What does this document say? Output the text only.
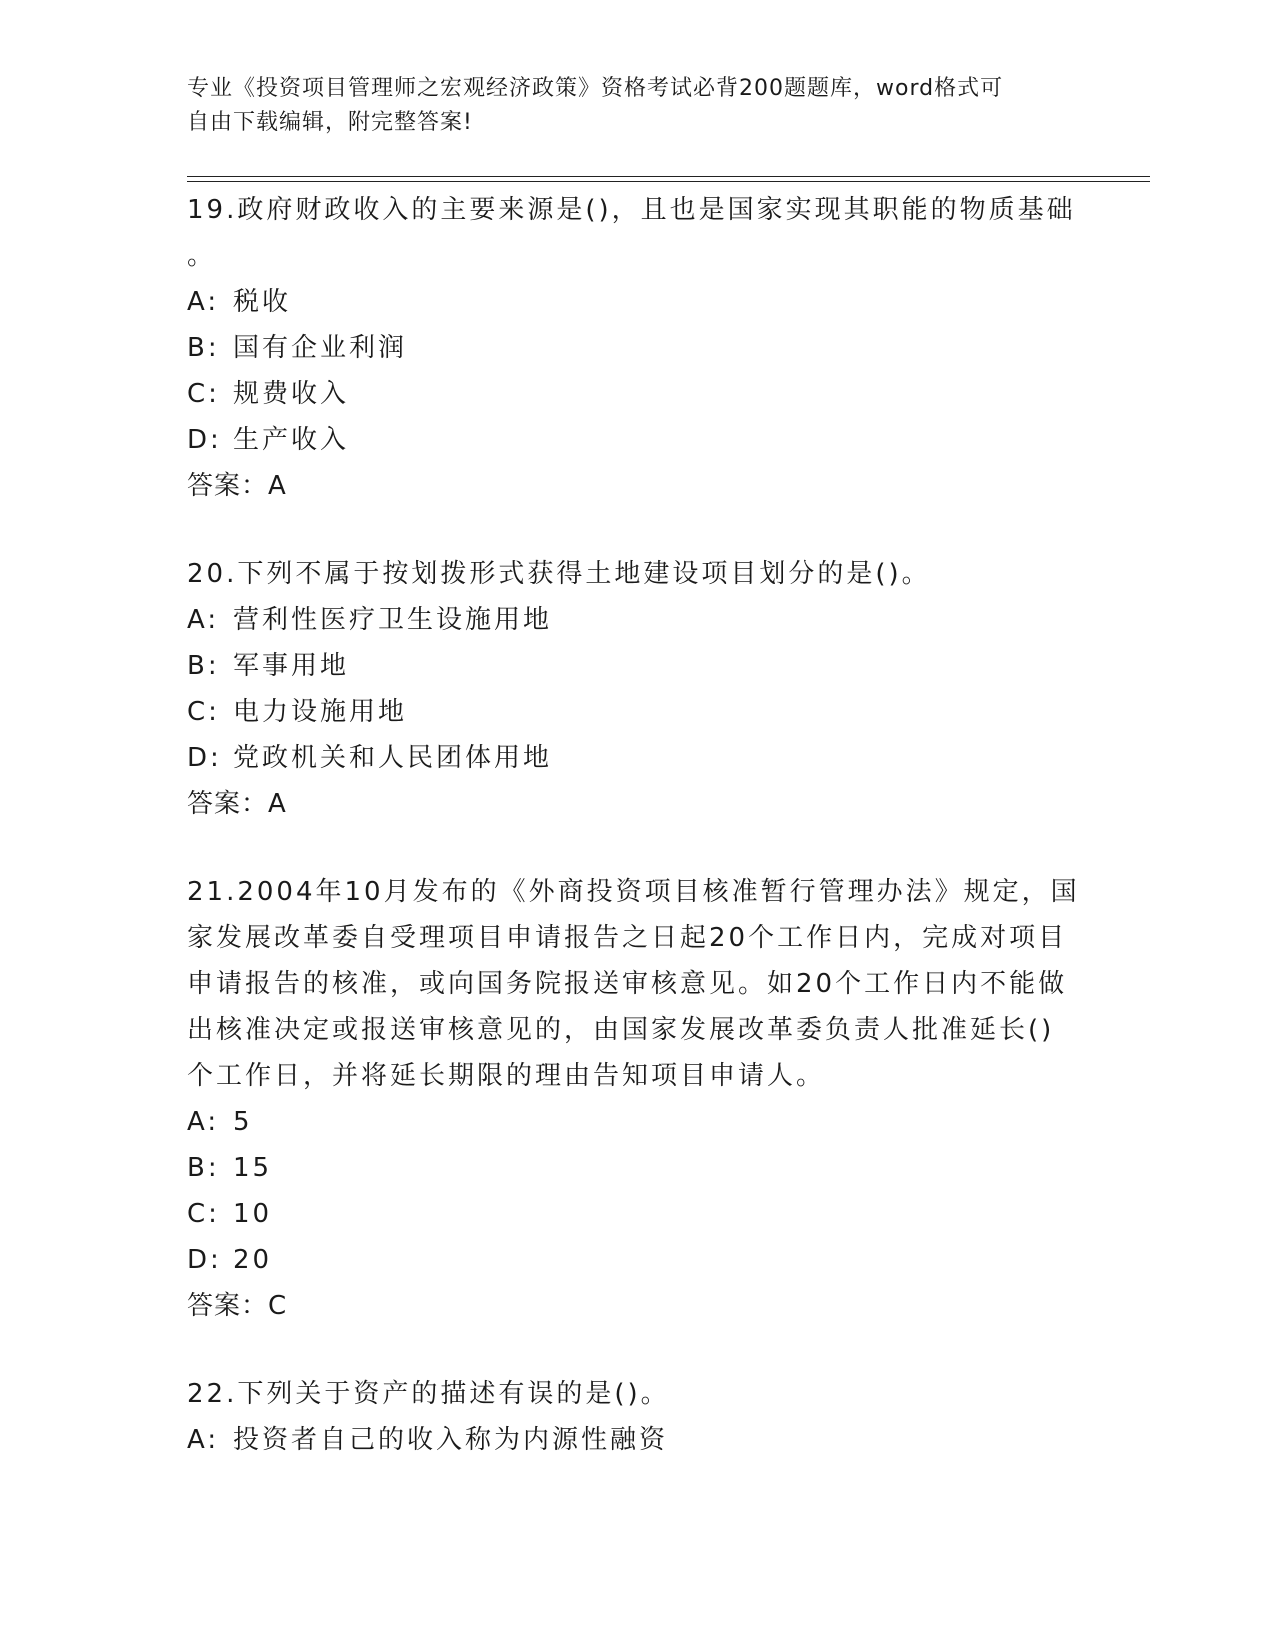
专业《投资项目管理师之宏观经济政策》资格考试必背200题题库，word格式可
自由下载编辑，附完整答案!

19.政府财政收入的主要来源是()，且也是国家实现其职能的物质基础

。

A: 税收

B: 国有企业利润

C: 规费收入

D: 生产收入

答案：A

20.下列不属于按划拨形式获得土地建设项目划分的是()。

A: 营利性医疗卫生设施用地

B: 军事用地

C: 电力设施用地

D: 党政机关和人民团体用地

答案：A

21.2004年10月发布的《外商投资项目核准暂行管理办法》规定，国

家发展改革委自受理项目申请报告之日起20个工作日内，完成对项目

申请报告的核准，或向国务院报送审核意见。如20个工作日内不能做

出核准决定或报送审核意见的，由国家发展改革委负责人批准延长()

个工作日，并将延长期限的理由告知项目申请人。

A: 5

B: 15

C: 10

D: 20

答案：C

22.下列关于资产的描述有误的是()。

A: 投资者自己的收入称为内源性融资
